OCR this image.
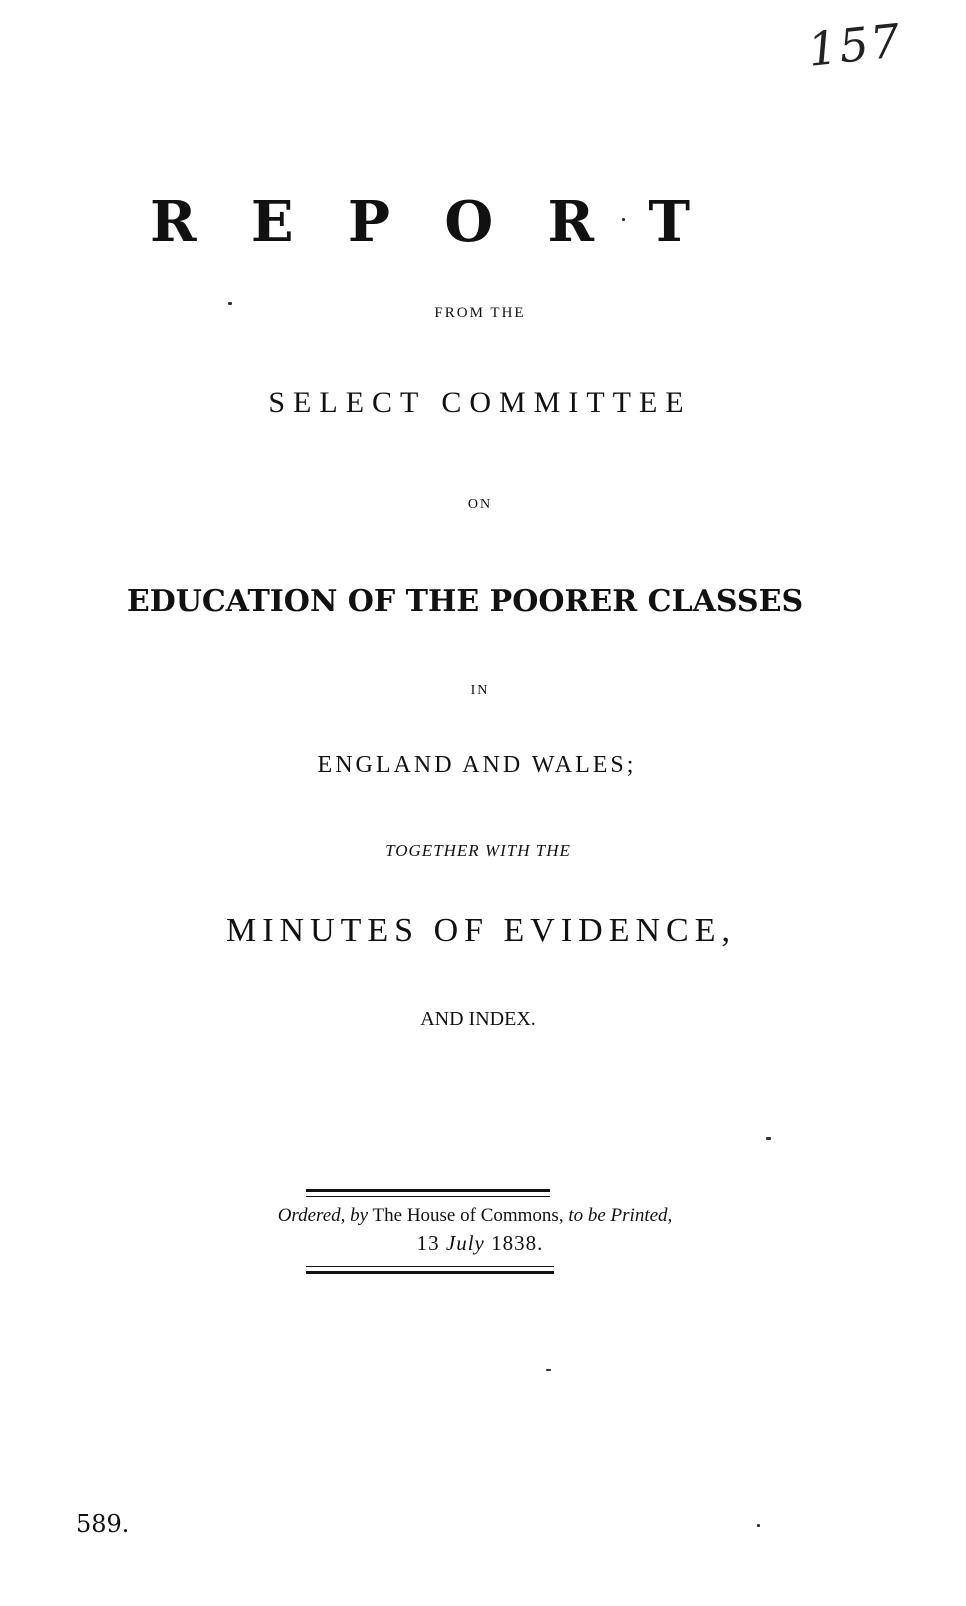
157
R E P O R T
FROM THE
SELECT COMMITTEE
ON
EDUCATION OF THE POORER CLASSES
IN
ENGLAND AND WALES;
TOGETHER WITH THE
MINUTES OF EVIDENCE,
AND INDEX.
Ordered, by The House of Commons, to be Printed,
13 July 1838.
589.
